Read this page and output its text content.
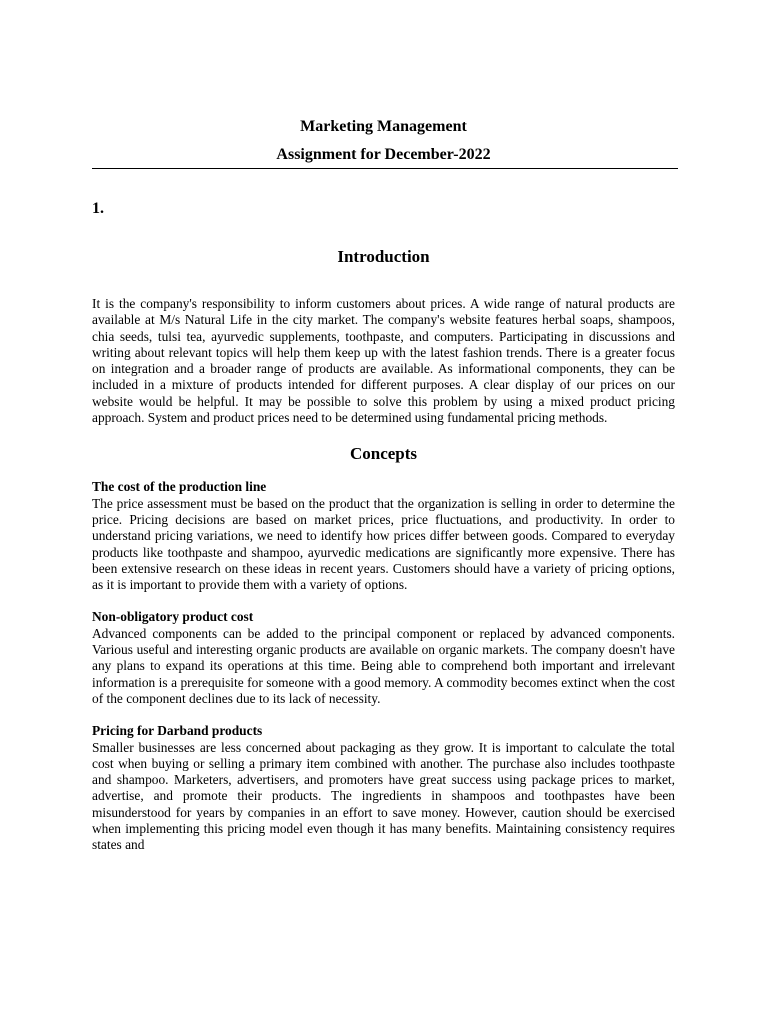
Marketing Management
Assignment for December-2022
1.
Introduction

It is the company's responsibility to inform customers about prices. A wide range of natural products are available at M/s Natural Life in the city market. The company's website features herbal soaps, shampoos, chia seeds, tulsi tea, ayurvedic supplements, toothpaste, and computers. Participating in discussions and writing about relevant topics will help them keep up with the latest fashion trends. There is a greater focus on integration and a broader range of products are available. As informational components, they can be included in a mixture of products intended for different purposes. A clear display of our prices on our website would be helpful. It may be possible to solve this problem by using a mixed product pricing approach. System and product prices need to be determined using fundamental pricing methods.

Concepts
The cost of the production line

The price assessment must be based on the product that the organization is selling in order to determine the price. Pricing decisions are based on market prices, price fluctuations, and productivity. In order to understand pricing variations, we need to identify how prices differ between goods. Compared to everyday products like toothpaste and shampoo, ayurvedic medications are significantly more expensive. There has been extensive research on these ideas in recent years. Customers should have a variety of pricing options, as it is important to provide them with a variety of options.

Non-obligatory product cost

Advanced components can be added to the principal component or replaced by advanced components. Various useful and interesting organic products are available on organic markets. The company doesn't have any plans to expand its operations at this time. Being able to comprehend both important and irrelevant information is a prerequisite for someone with a good memory. A commodity becomes extinct when the cost of the component declines due to its lack of necessity.

Pricing for Darband products

Smaller businesses are less concerned about packaging as they grow. It is important to calculate the total cost when buying or selling a primary item combined with another. The purchase also includes toothpaste and shampoo. Marketers, advertisers, and promoters have great success using package prices to market, advertise, and promote their products. The ingredients in shampoos and toothpastes have been misunderstood for years by companies in an effort to save money. However, caution should be exercised when implementing this pricing model even though it has many benefits. Maintaining consistency requires states and
